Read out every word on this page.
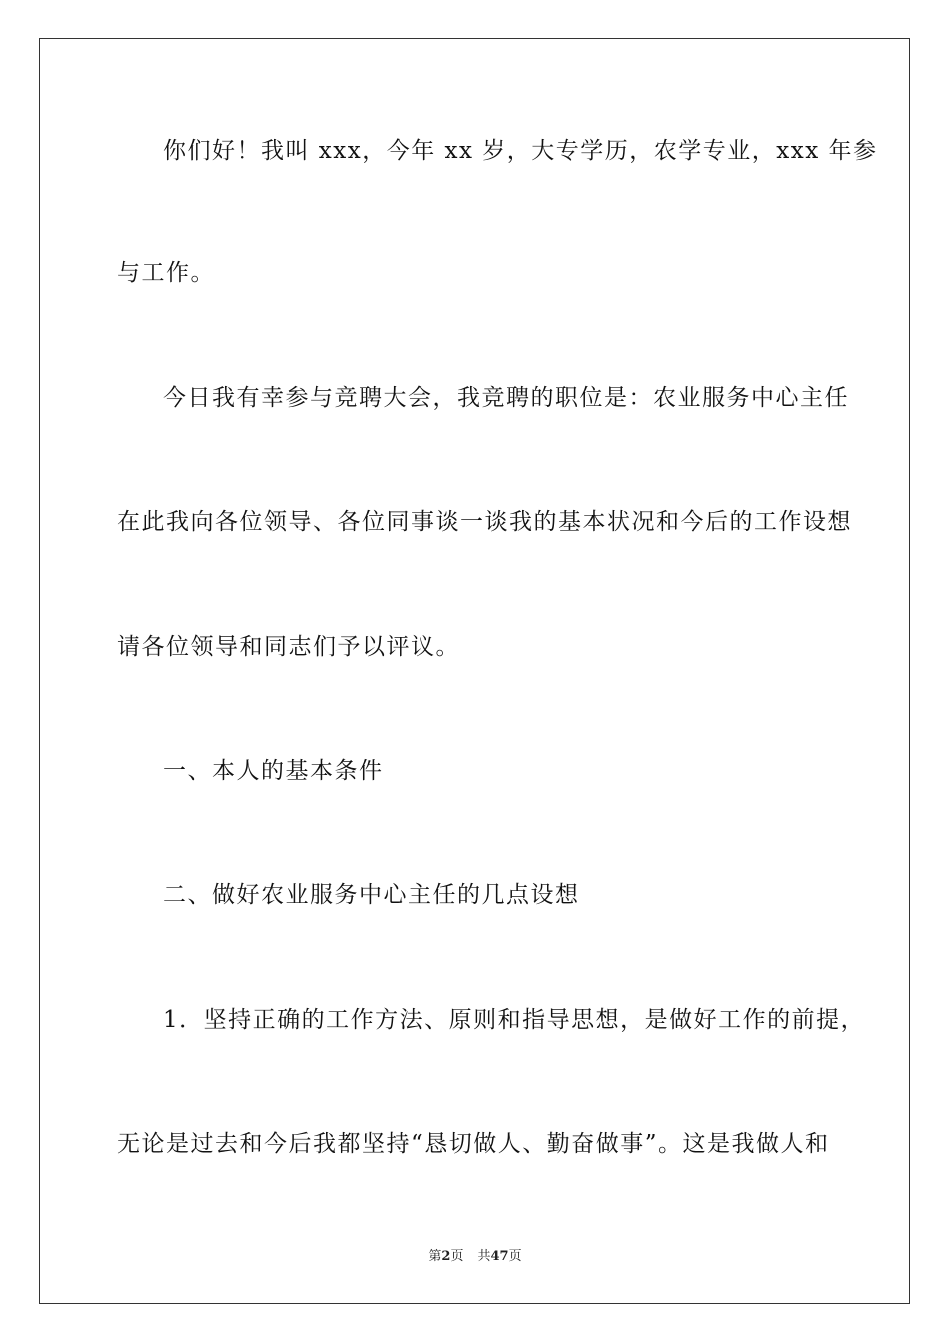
你们好！我叫 xxx，今年 xx 岁，大专学历，农学专业，xxx 年参
与工作。
今日我有幸参与竞聘大会，我竞聘的职位是：农业服务中心主任
在此我向各位领导、各位同事谈一谈我的基本状况和今后的工作设想
请各位领导和同志们予以评议。
一、本人的基本条件
二、做好农业服务中心主任的几点设想
1．坚持正确的工作方法、原则和指导思想，是做好工作的前提，
无论是过去和今后我都坚持“恳切做人、勤奋做事”。这是我做人和
第2页 共47页
